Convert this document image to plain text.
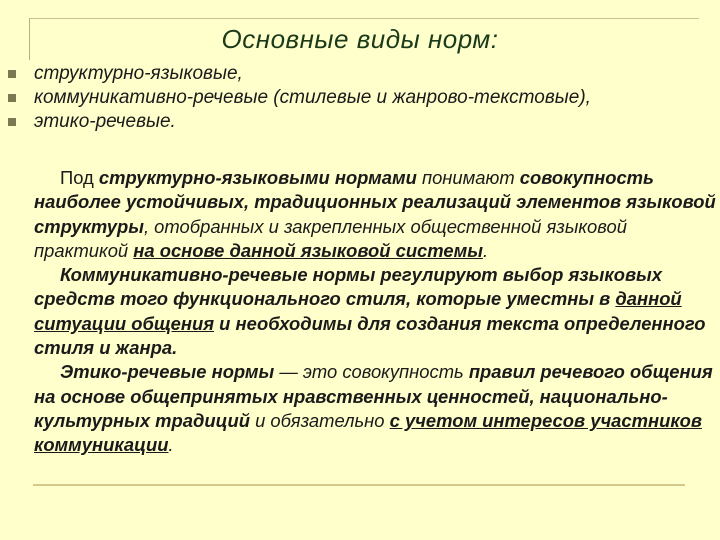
Основные виды норм:
структурно-языковые,
коммуникативно-речевые (стилевые и жанрово-текстовые),
этико-речевые.

Под структурно-языковыми нормами понимают совокупность наиболее устойчивых, традиционных реализаций элементов языковой структуры, отобранных и закрепленных общественной языковой практикой на основе данной языковой системы.

Коммуникативно-речевые нормы регулируют выбор языковых средств того функционального стиля, которые уместны в данной ситуации общения и необходимы для создания текста определенного стиля и жанра.

Этико-речевые нормы — это совокупность правил речевого общения на основе общепринятых нравственных ценностей, национально-культурных традиций и обязательно с учетом интересов участников коммуникации.
